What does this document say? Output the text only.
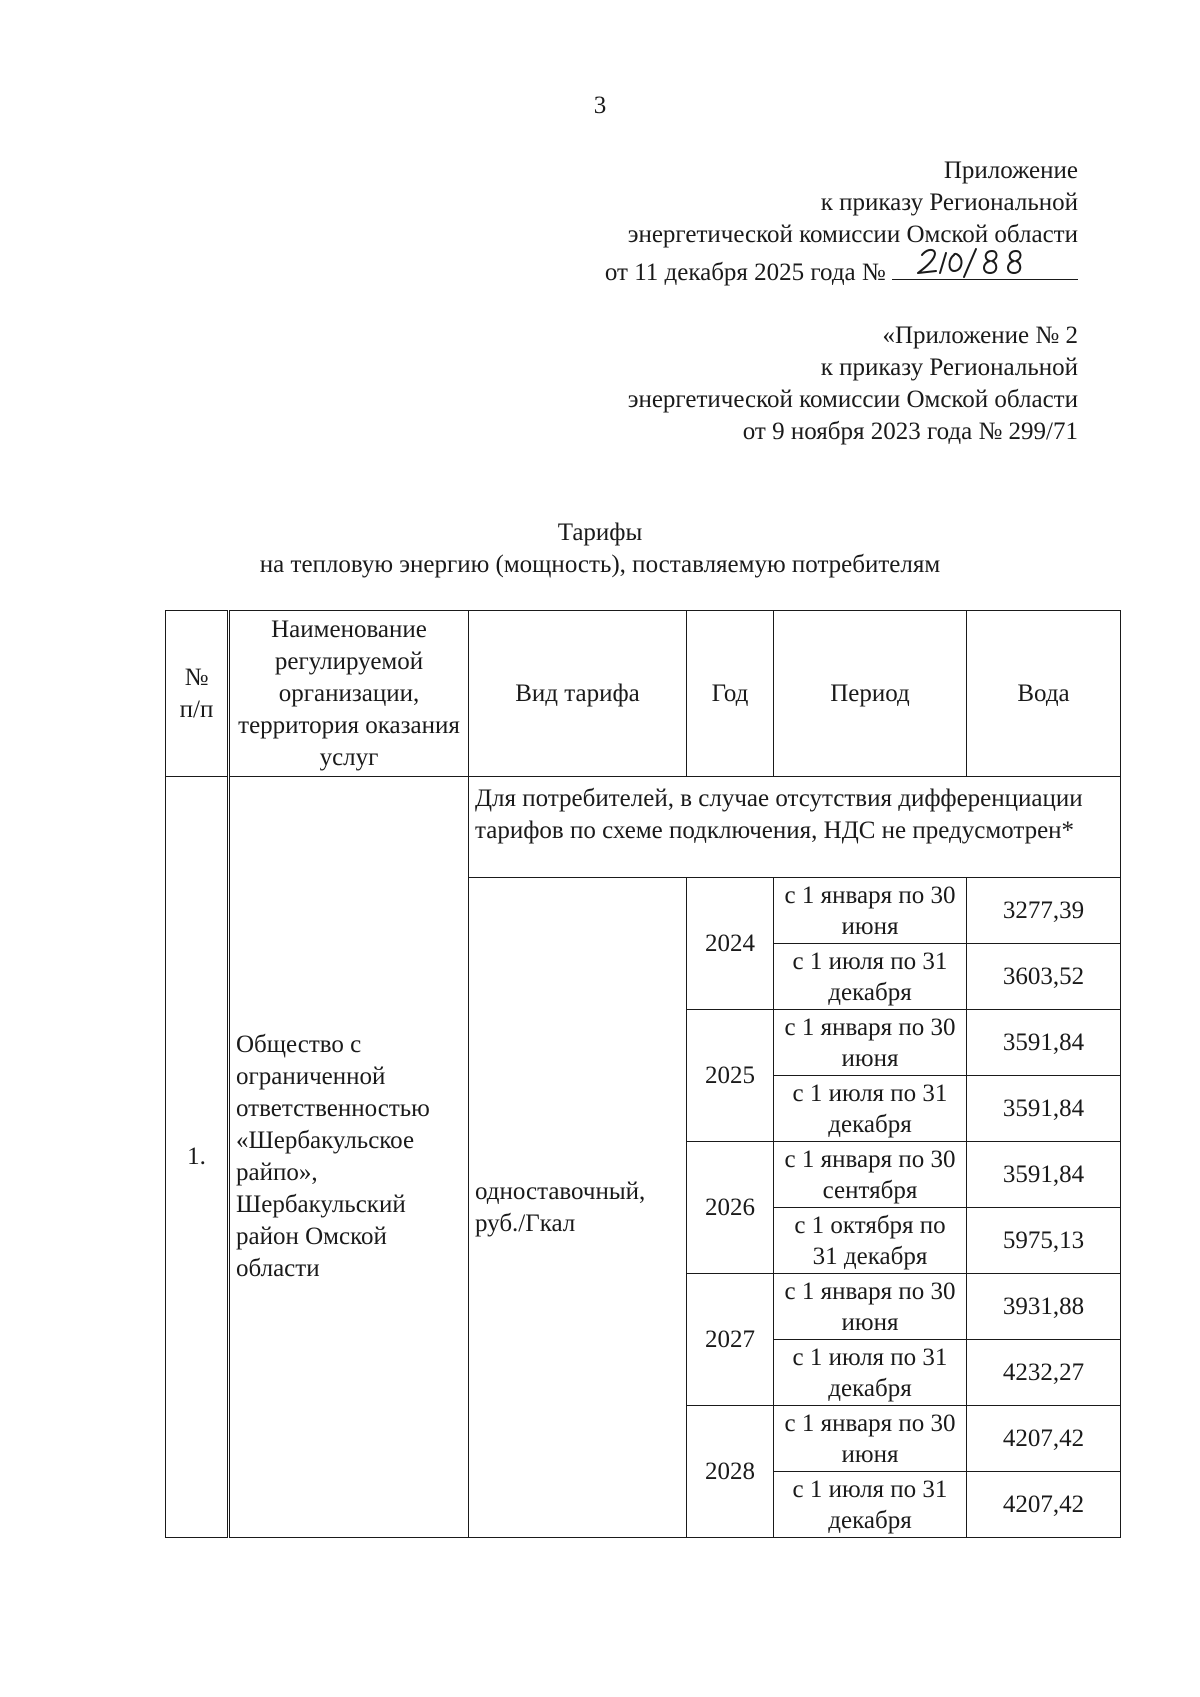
3
Приложение
к приказу Региональной
энергетической комиссии Омской области
от 11 декабря 2025 года №
«Приложение № 2
к приказу Региональной
энергетической комиссии Омской области
от 9 ноября 2023 года № 299/71
Тарифы
на тепловую энергию (мощность), поставляемую потребителям
№ п/п	Наименование регулируемой организации, территория оказания услуг	Вид тарифа	Год	Период	Вода
1.	Общество с ограниченной ответственностью «Шербакульское райпо», Шербакульский район Омской области	Для потребителей, в случае отсутствия дифференциации тарифов по схеме подключения, НДС не предусмотрен*			
		одноставочный, руб./Гкал	2024	с 1 января по 30 июня	3277,39
				с 1 июля по 31 декабря	3603,52
			2025	с 1 января по 30 июня	3591,84
				с 1 июля по 31 декабря	3591,84
			2026	с 1 января по 30 сентября	3591,84
				с 1 октября по 31 декабря	5975,13
			2027	с 1 января по 30 июня	3931,88
				с 1 июля по 31 декабря	4232,27
			2028	с 1 января по 30 июня	4207,42
				с 1 июля по 31 декабря	4207,42
